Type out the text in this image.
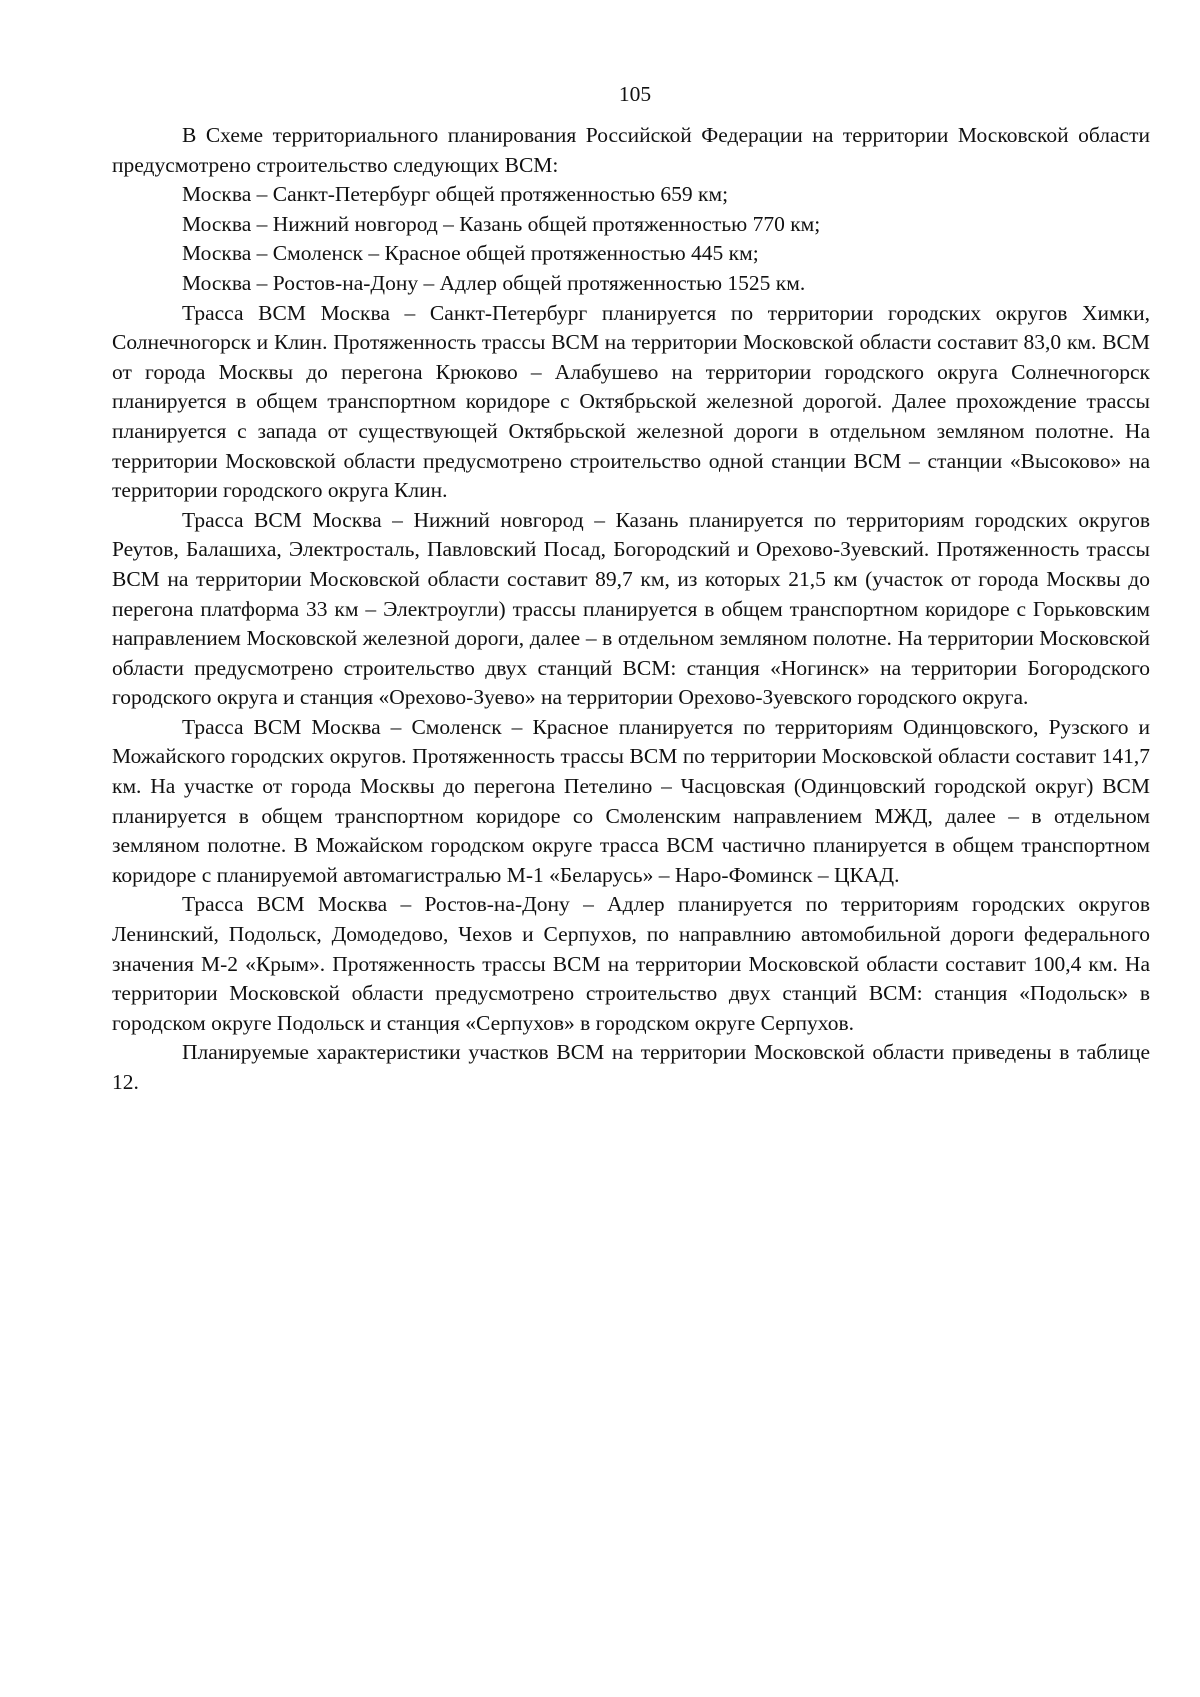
105

В Схеме территориального планирования Российской Федерации на территории Московской области предусмотрено строительство следующих ВСМ:

Москва – Санкт-Петербург общей протяженностью 659 км;

Москва – Нижний новгород – Казань общей протяженностью 770 км;

Москва – Смоленск – Красное общей протяженностью 445 км;

Москва – Ростов-на-Дону – Адлер общей протяженностью 1525 км.

Трасса ВСМ Москва – Санкт-Петербург планируется по территории городских округов Химки, Солнечногорск и Клин. Протяженность трассы ВСМ на территории Московской области составит 83,0 км. ВСМ от города Москвы до перегона Крюково – Алабушево на территории городского округа Солнечногорск планируется в общем транспортном коридоре с Октябрьской железной дорогой. Далее прохождение трассы планируется с запада от существующей Октябрьской железной дороги в отдельном земляном полотне. На территории Московской области предусмотрено строительство одной станции ВСМ – станции «Высоково» на территории городского округа Клин.

Трасса ВСМ Москва – Нижний новгород – Казань планируется по территориям городских округов Реутов, Балашиха, Электросталь, Павловский Посад, Богородский и Орехово-Зуевский. Протяженность трассы ВСМ на территории Московской области составит 89,7 км, из которых 21,5 км (участок от города Москвы до перегона платформа 33 км – Электроугли) трассы планируется в общем транспортном коридоре с Горьковским направлением Московской железной дороги, далее – в отдельном земляном полотне. На территории Московской области предусмотрено строительство двух станций ВСМ: станция «Ногинск» на территории Богородского городского округа и станция «Орехово-Зуево» на территории Орехово-Зуевского городского округа.

Трасса ВСМ Москва – Смоленск – Красное планируется по территориям Одинцовского, Рузского и Можайского городских округов. Протяженность трассы ВСМ по территории Московской области составит 141,7 км. На участке от города Москвы до перегона Петелино – Часцовская (Одинцовский городской округ) ВСМ планируется в общем транспортном коридоре со Смоленским направлением МЖД, далее – в отдельном земляном полотне. В Можайском городском округе трасса ВСМ частично планируется в общем транспортном коридоре с планируемой автомагистралью М-1 «Беларусь» – Наро-Фоминск – ЦКАД.

Трасса ВСМ Москва – Ростов-на-Дону – Адлер планируется по территориям городских округов Ленинский, Подольск, Домодедово, Чехов и Серпухов, по направлнию автомобильной дороги федерального значения М-2 «Крым». Протяженность трассы ВСМ на территории Московской области составит 100,4 км. На территории Московской области предусмотрено строительство двух станций ВСМ: станция «Подольск» в городском округе Подольск и станция «Серпухов» в городском округе Серпухов.

Планируемые характеристики участков ВСМ на территории Московской области приведены в таблице 12.
